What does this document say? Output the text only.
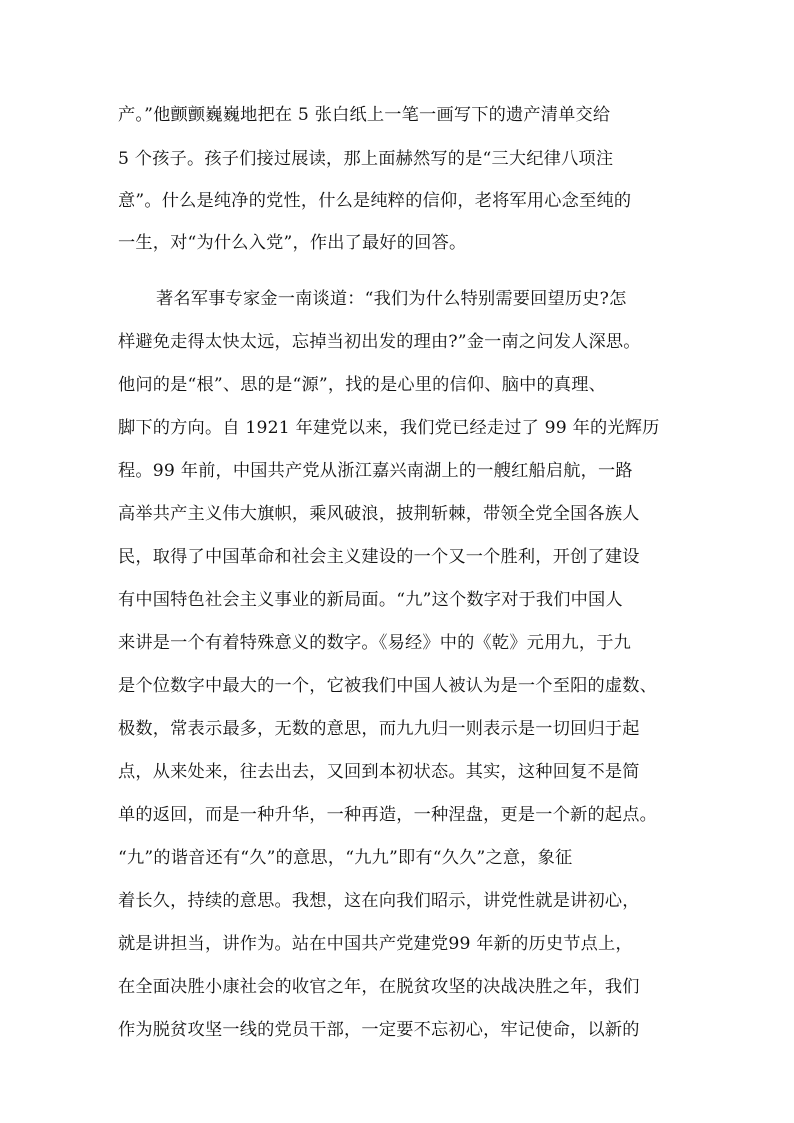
产。”他颤颤巍巍地把在 5 张白纸上一笔一画写下的遗产清单交给
5 个孩子。孩子们接过展读，那上面赫然写的是“三大纪律八项注
意”。什么是纯净的党性，什么是纯粹的信仰，老将军用心念至纯的
一生，对“为什么入党”，作出了最好的回答。
著名军事专家金一南谈道：“我们为什么特别需要回望历史?怎
样避免走得太快太远，忘掉当初出发的理由?”金一南之问发人深思。
他问的是“根”、思的是“源”，找的是心里的信仰、脑中的真理、
脚下的方向。自 1921 年建党以来，我们党已经走过了 99 年的光辉历
程。99 年前，中国共产党从浙江嘉兴南湖上的一艘红船启航，一路
高举共产主义伟大旗帜，乘风破浪，披荆斩棘，带领全党全国各族人
民，取得了中国革命和社会主义建设的一个又一个胜利，开创了建设
有中国特色社会主义事业的新局面。“九”这个数字对于我们中国人
来讲是一个有着特殊意义的数字。《易经》中的《乾》元用九，于九
是个位数字中最大的一个，它被我们中国人被认为是一个至阳的虚数、
极数，常表示最多，无数的意思，而九九归一则表示是一切回归于起
点，从来处来，往去出去，又回到本初状态。其实，这种回复不是简
单的返回，而是一种升华，一种再造，一种涅盘，更是一个新的起点。
“九”的谐音还有“久”的意思，“九九”即有“久久”之意，象征
着长久，持续的意思。我想，这在向我们昭示，讲党性就是讲初心，
就是讲担当，讲作为。站在中国共产党建党99 年新的历史节点上，
在全面决胜小康社会的收官之年，在脱贫攻坚的决战决胜之年，我们
作为脱贫攻坚一线的党员干部，一定要不忘初心，牢记使命，以新的
